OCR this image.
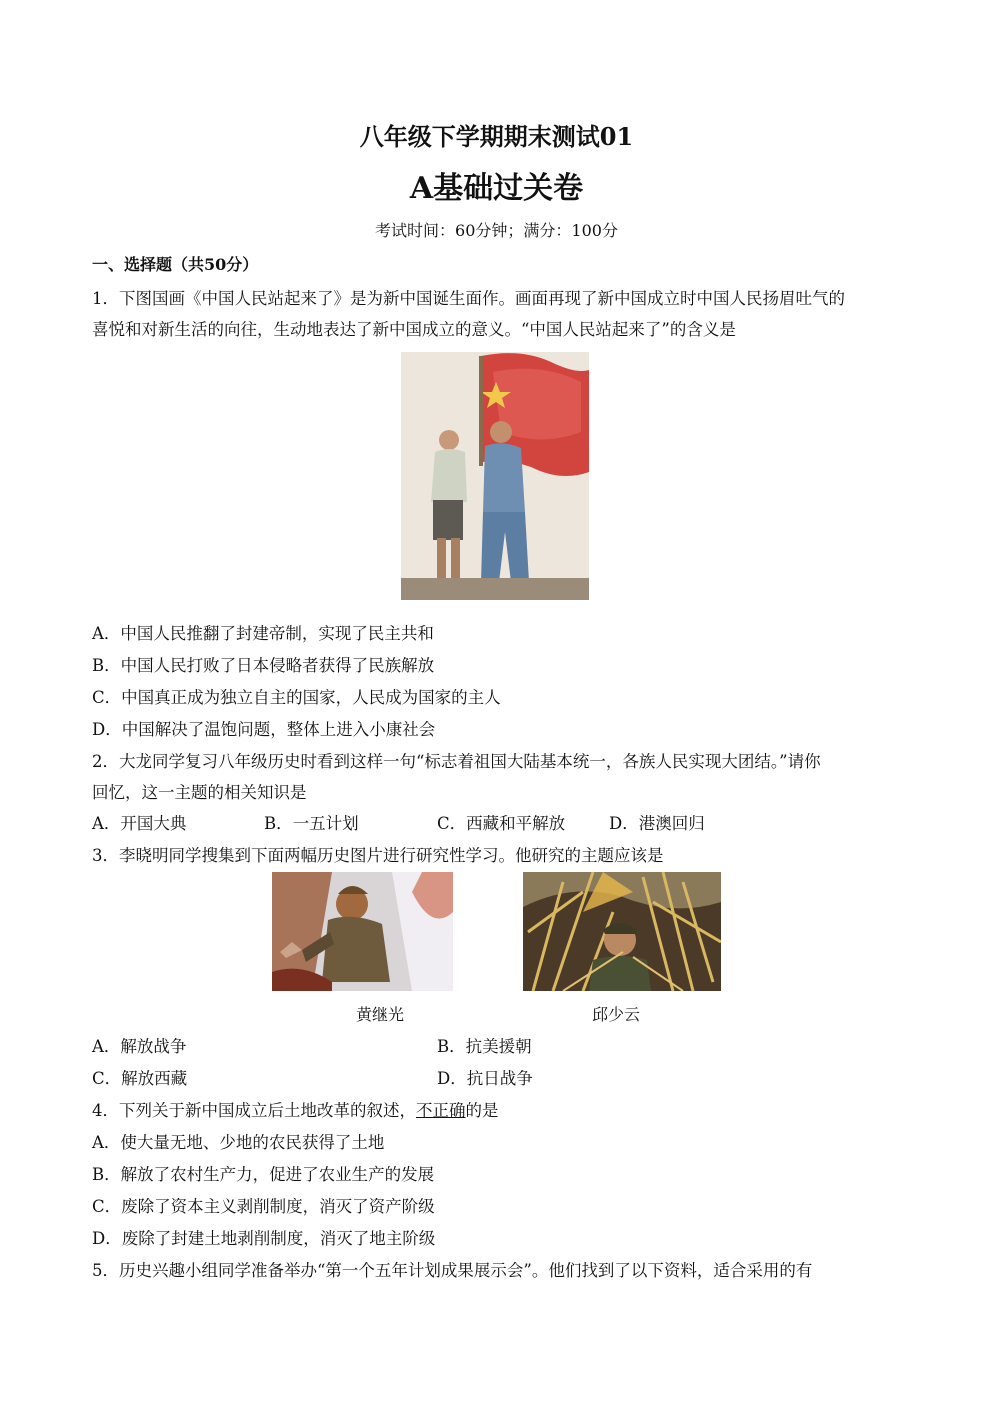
八年级下学期期末测试01
A基础过关卷
考试时间：60分钟；满分：100分
一、选择题（共50分）
1．下图国画《中国人民站起来了》是为新中国诞生面作。画面再现了新中国成立时中国人民扬眉吐气的
喜悦和对新生活的向往，生动地表达了新中国成立的意义。“中国人民站起来了”的含义是
A．中国人民推翻了封建帝制，实现了民主共和
B．中国人民打败了日本侵略者获得了民族解放
C．中国真正成为独立自主的国家，人民成为国家的主人
D．中国解决了温饱问题，整体上进入小康社会
2．大龙同学复习八年级历史时看到这样一句“标志着祖国大陆基本统一，各族人民实现大团结。”请你
回忆，这一主题的相关知识是
A．开国大典	B．一五计划	C．西藏和平解放	D．港澳回归
3．李晓明同学搜集到下面两幅历史图片进行研究性学习。他研究的主题应该是
黄继光	邱少云
A．解放战争	B．抗美援朝
C．解放西藏	D．抗日战争
4．下列关于新中国成立后土地改革的叙述，不正确的是
A．使大量无地、少地的农民获得了土地
B．解放了农村生产力，促进了农业生产的发展
C．废除了资本主义剥削制度，消灭了资产阶级
D．废除了封建土地剥削制度，消灭了地主阶级
5．历史兴趣小组同学准备举办“第一个五年计划成果展示会”。他们找到了以下资料，适合采用的有
